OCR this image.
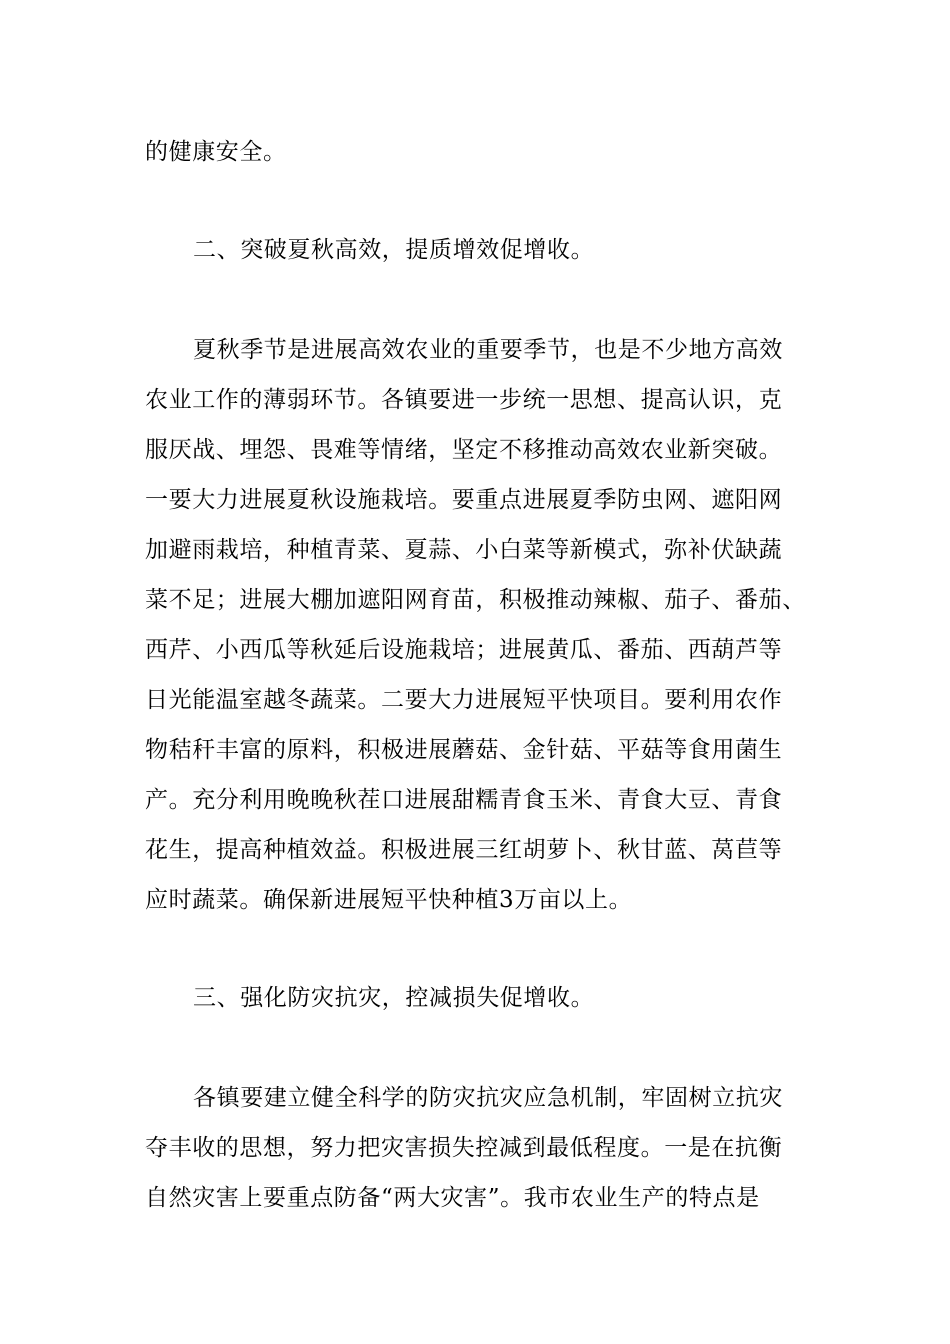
的健康安全。
二、突破夏秋高效，提质增效促增收。
夏秋季节是进展高效农业的重要季节，也是不少地方高效
农业工作的薄弱环节。各镇要进一步统一思想、提高认识，克
服厌战、埋怨、畏难等情绪，坚定不移推动高效农业新突破。
一要大力进展夏秋设施栽培。要重点进展夏季防虫网、遮阳网
加避雨栽培，种植青菜、夏蒜、小白菜等新模式，弥补伏缺蔬
菜不足；进展大棚加遮阳网育苗，积极推动辣椒、茄子、番茄、
西芹、小西瓜等秋延后设施栽培；进展黄瓜、番茄、西葫芦等
日光能温室越冬蔬菜。二要大力进展短平快项目。要利用农作
物秸秆丰富的原料，积极进展蘑菇、金针菇、平菇等食用菌生
产。充分利用晚晚秋茬口进展甜糯青食玉米、青食大豆、青食
花生，提高种植效益。积极进展三红胡萝卜、秋甘蓝、莴苣等
应时蔬菜。确保新进展短平快种植3万亩以上。
三、强化防灾抗灾，控减损失促增收。
各镇要建立健全科学的防灾抗灾应急机制，牢固树立抗灾
夺丰收的思想，努力把灾害损失控减到最低程度。一是在抗衡
自然灾害上要重点防备“两大灾害”。我市农业生产的特点是
